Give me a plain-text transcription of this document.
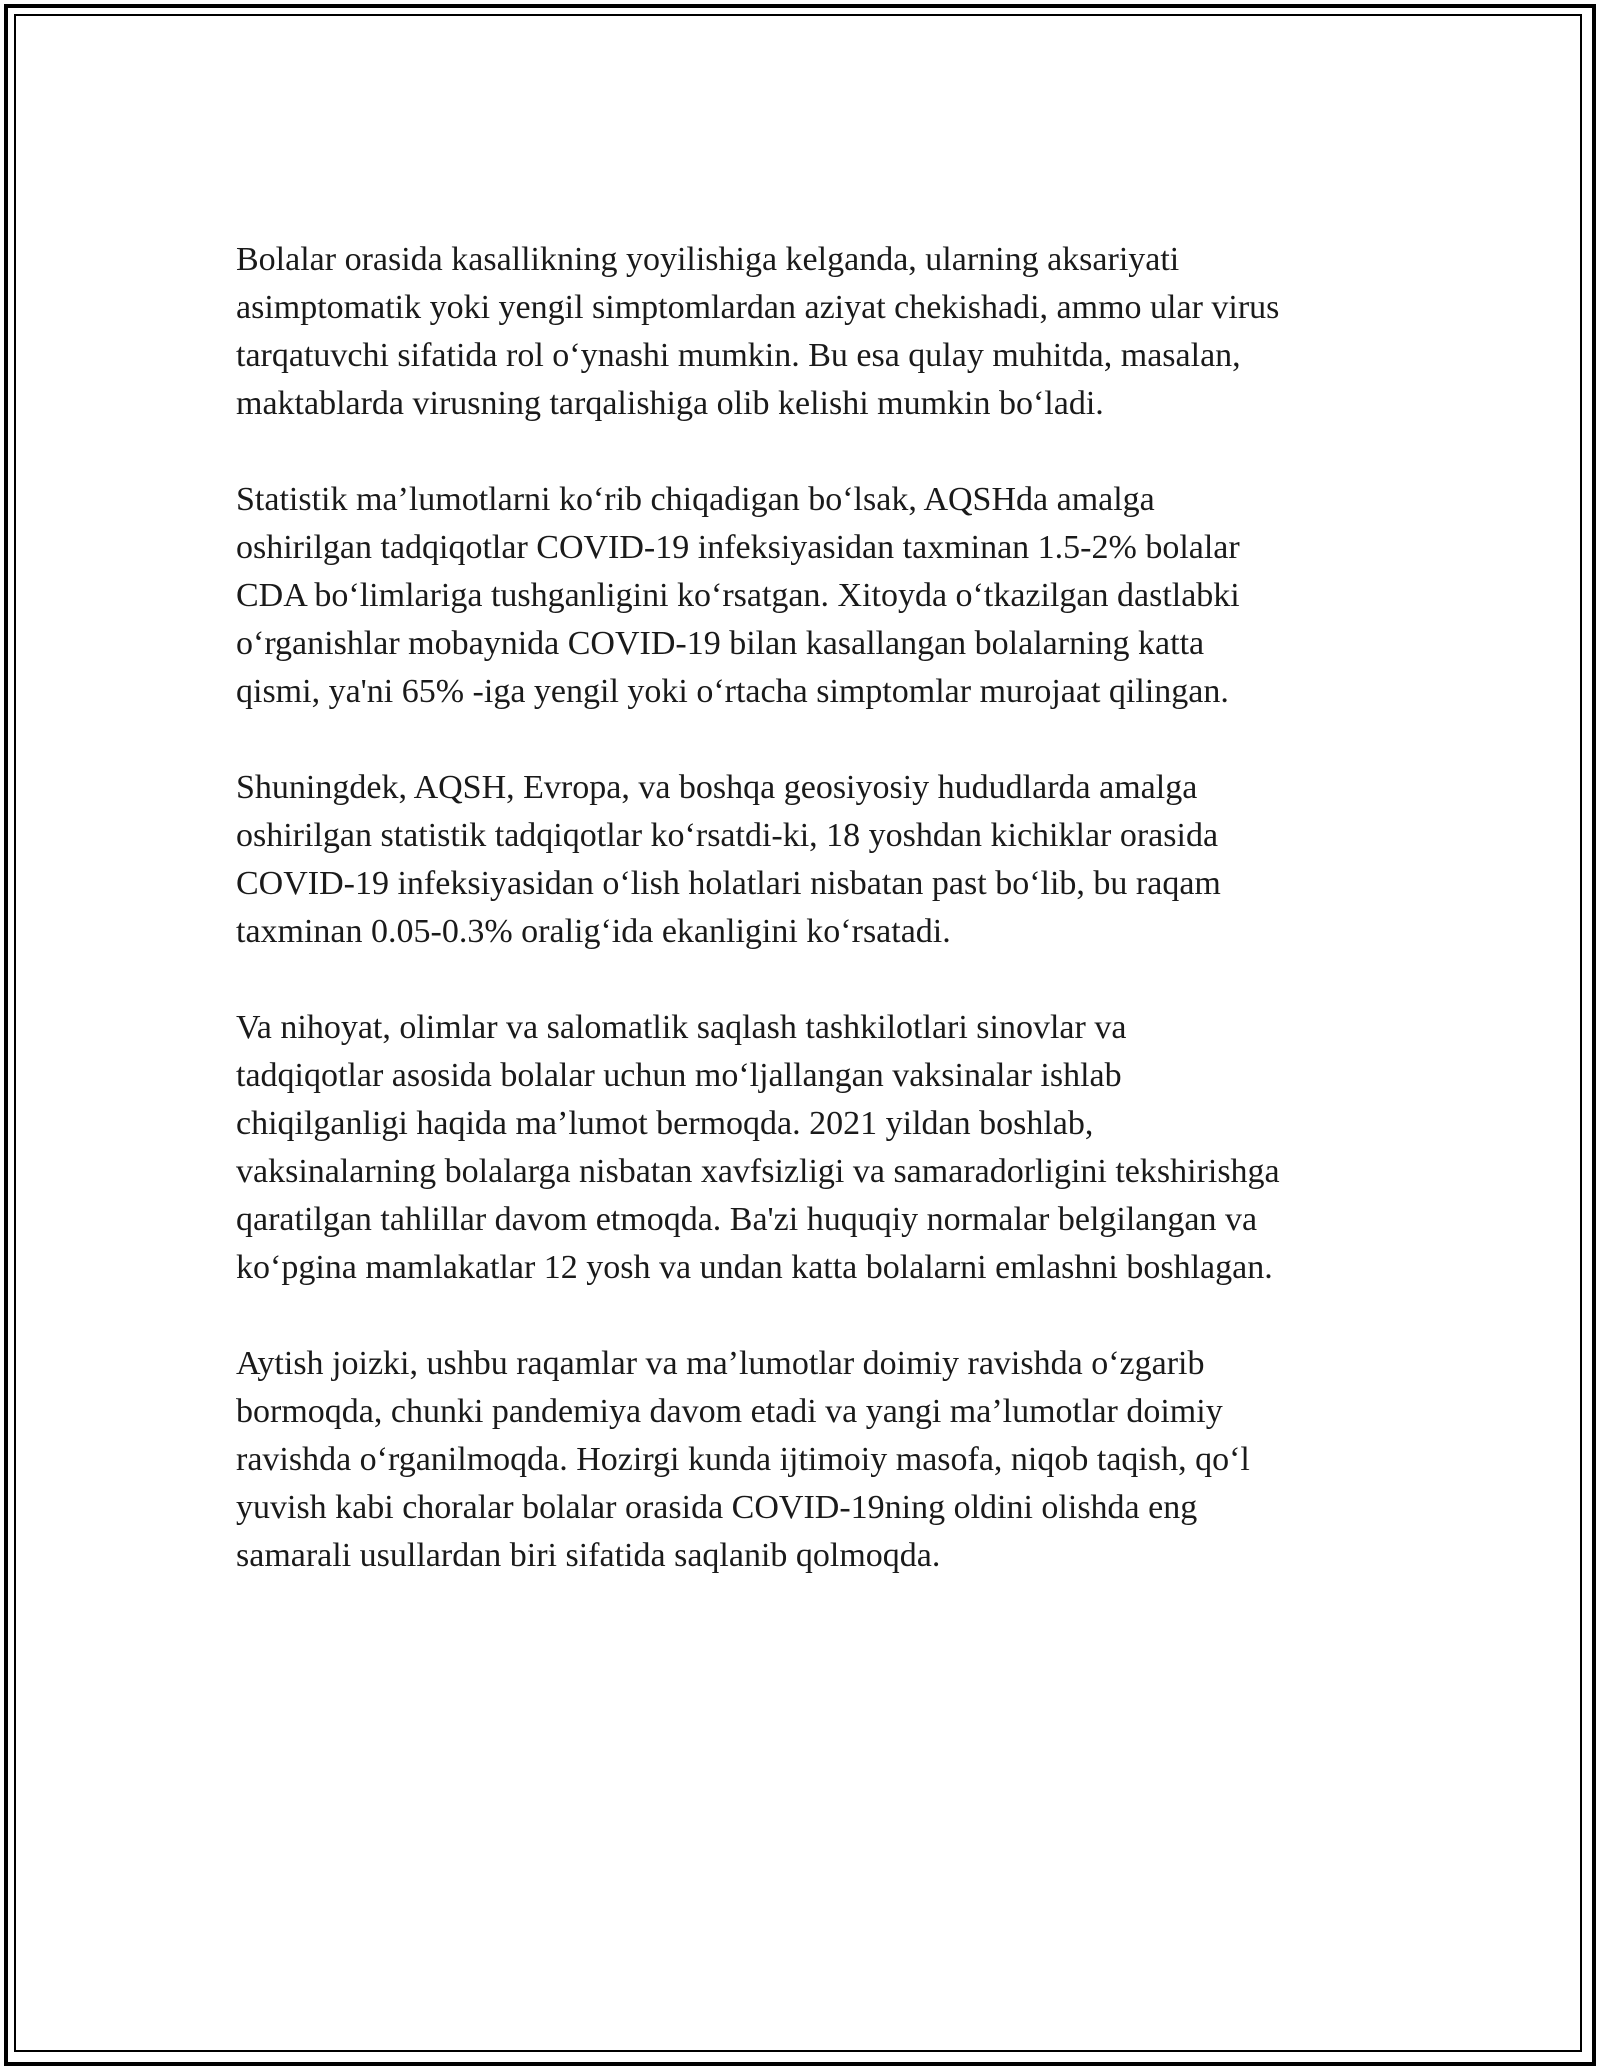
Bolalar orasida kasallikning yoyilishiga kelganda, ularning aksariyati
asimptomatik yoki yengil simptomlardan aziyat chekishadi, ammo ular virus
tarqatuvchi sifatida rol o‘ynashi mumkin. Bu esa qulay muhitda, masalan,
maktablarda virusning tarqalishiga olib kelishi mumkin bo‘ladi.

Statistik ma’lumotlarni ko‘rib chiqadigan bo‘lsak, AQSHda amalga
oshirilgan tadqiqotlar COVID-19 infeksiyasidan taxminan 1.5-2% bolalar
CDA bo‘limlariga tushganligini ko‘rsatgan. Xitoyda o‘tkazilgan dastlabki
o‘rganishlar mobaynida COVID-19 bilan kasallangan bolalarning katta
qismi, ya'ni 65% -iga yengil yoki o‘rtacha simptomlar murojaat qilingan.

Shuningdek, AQSH, Evropa, va boshqa geosiyosiy hududlarda amalga
oshirilgan statistik tadqiqotlar ko‘rsatdi-ki, 18 yoshdan kichiklar orasida
COVID-19 infeksiyasidan o‘lish holatlari nisbatan past bo‘lib, bu raqam
taxminan 0.05-0.3% oralig‘ida ekanligini ko‘rsatadi.

Va nihoyat, olimlar va salomatlik saqlash tashkilotlari sinovlar va
tadqiqotlar asosida bolalar uchun mo‘ljallangan vaksinalar ishlab
chiqilganligi haqida ma’lumot bermoqda. 2021 yildan boshlab,
vaksinalarning bolalarga nisbatan xavfsizligi va samaradorligini tekshirishga
qaratilgan tahlillar davom etmoqda. Ba'zi huquqiy normalar belgilangan va
ko‘pgina mamlakatlar 12 yosh va undan katta bolalarni emlashni boshlagan.

Aytish joizki, ushbu raqamlar va ma’lumotlar doimiy ravishda o‘zgarib
bormoqda, chunki pandemiya davom etadi va yangi ma’lumotlar doimiy
ravishda o‘rganilmoqda. Hozirgi kunda ijtimoiy masofa, niqob taqish, qo‘l
yuvish kabi choralar bolalar orasida COVID-19ning oldini olishda eng
samarali usullardan biri sifatida saqlanib qolmoqda.
